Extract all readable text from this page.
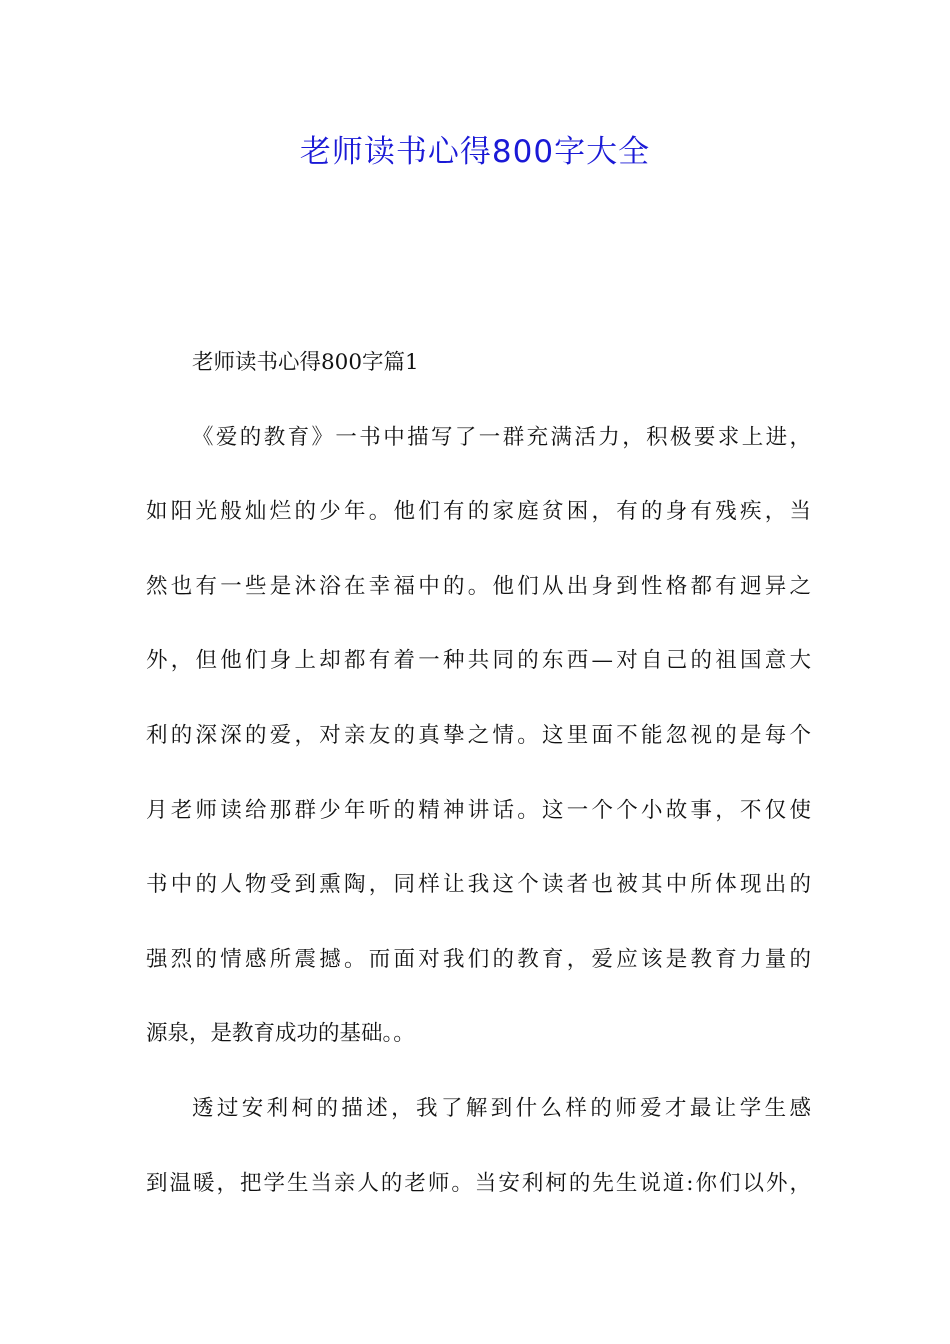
老师读书心得800字大全
老师读书心得800字篇1
《爱的教育》一书中描写了一群充满活力，积极要求上进，
如阳光般灿烂的少年。他们有的家庭贫困，有的身有残疾，当
然也有一些是沐浴在幸福中的。他们从出身到性格都有迥异之
外，但他们身上却都有着一种共同的东西—对自己的祖国意大
利的深深的爱，对亲友的真挚之情。这里面不能忽视的是每个
月老师读给那群少年听的精神讲话。这一个个小故事，不仅使
书中的人物受到熏陶，同样让我这个读者也被其中所体现出的
强烈的情感所震撼。而面对我们的教育，爱应该是教育力量的
源泉，是教育成功的基础。。
透过安利柯的描述，我了解到什么样的师爱才最让学生感
到温暖，把学生当亲人的老师。当安利柯的先生说道:你们以外，
